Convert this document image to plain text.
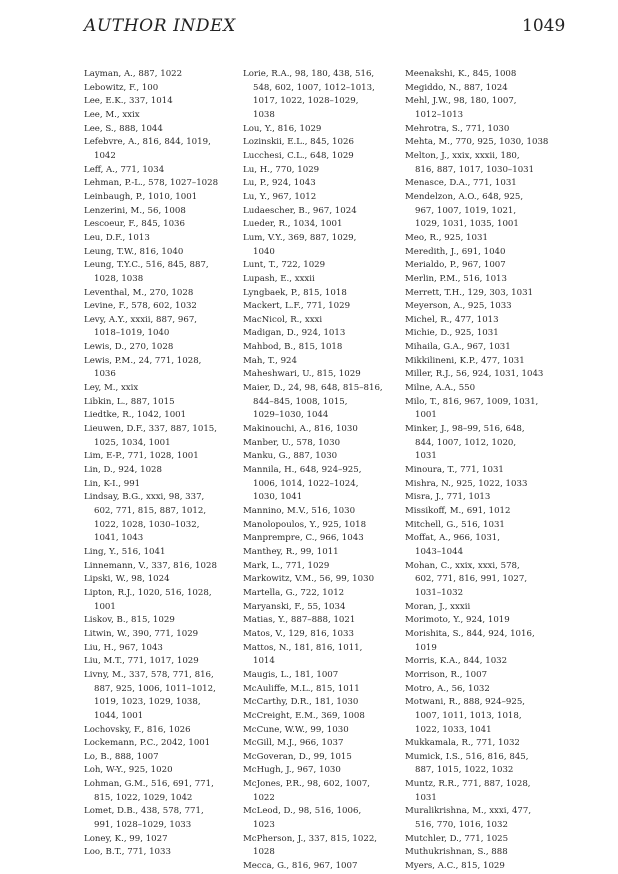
AUTHOR INDEX	1049
Layman, A., 887, 1022
Lebowitz, F., 100
Lee, E.K., 337, 1014
Lee, M., xxix
Lee, S., 888, 1044
Lefebvre, A., 816, 844, 1019,
1042
Leff, A., 771, 1034
Lehman, P.-L., 578, 1027–1028
Leinbaugh, P., 1010, 1001
Lenzerini, M., 56, 1008
Lescoeur, F., 845, 1036
Leu, D.F., 1013
Leung, T.W., 816, 1040
Leung, T.Y.C., 516, 845, 887,
1028, 1038
Leventhal, M., 270, 1028
Levine, F., 578, 602, 1032
Levy, A.Y., xxxii, 887, 967,
1018–1019, 1040
Lewis, D., 270, 1028
Lewis, P.M., 24, 771, 1028,
1036
Ley, M., xxix
Libkin, L., 887, 1015
Liedtke, R., 1042, 1001
Lieuwen, D.F., 337, 887, 1015,
1025, 1034, 1001
Lim, E-P., 771, 1028, 1001
Lin, D., 924, 1028
Lin, K-I., 991
Lindsay, B.G., xxxi, 98, 337,
602, 771, 815, 887, 1012,
1022, 1028, 1030–1032,
1041, 1043
Ling, Y., 516, 1041
Linnemann, V., 337, 816, 1028
Lipski, W., 98, 1024
Lipton, R.J., 1020, 516, 1028,
1001
Liskov, B., 815, 1029
Litwin, W., 390, 771, 1029
Liu, H., 967, 1043
Liu, M.T., 771, 1017, 1029
Livny, M., 337, 578, 771, 816,
887, 925, 1006, 1011–1012,
1019, 1023, 1029, 1038,
1044, 1001
Lochovsky, F., 816, 1026
Lockemann, P.C., 2042, 1001
Lo, B., 888, 1007
Loh, W-Y., 925, 1020
Lohman, G.M., 516, 691, 771,
815, 1022, 1029, 1042
Lomet, D.B., 438, 578, 771,
991, 1028–1029, 1033
Loney, K., 99, 1027
Loo, B.T., 771, 1033
Lorie, R.A., 98, 180, 438, 516,
548, 602, 1007, 1012–1013,
1017, 1022, 1028–1029,
1038
Lou, Y., 816, 1029
Lozinskii, E.L., 845, 1026
Lucchesi, C.L., 648, 1029
Lu, H., 770, 1029
Lu, P., 924, 1043
Lu, Y., 967, 1012
Ludaescher, B., 967, 1024
Lueder, R., 1034, 1001
Lum, V.Y., 369, 887, 1029,
1040
Lunt, T., 722, 1029
Lupash, E., xxxii
Lyngbaek, P., 815, 1018
Mackert, L.F., 771, 1029
MacNicol, R., xxxi
Madigan, D., 924, 1013
Mahbod, B., 815, 1018
Mah, T., 924
Maheshwari, U., 815, 1029
Maier, D., 24, 98, 648, 815–816,
844–845, 1008, 1015,
1029–1030, 1044
Makinouchi, A., 816, 1030
Manber, U., 578, 1030
Manku, G., 887, 1030
Mannila, H., 648, 924–925,
1006, 1014, 1022–1024,
1030, 1041
Mannino, M.V., 516, 1030
Manolopoulos, Y., 925, 1018
Manprempre, C., 966, 1043
Manthey, R., 99, 1011
Mark, L., 771, 1029
Markowitz, V.M., 56, 99, 1030
Martella, G., 722, 1012
Maryanski, F., 55, 1034
Matias, Y., 887–888, 1021
Matos, V., 129, 816, 1033
Mattos, N., 181, 816, 1011,
1014
Maugis, L., 181, 1007
McAuliffe, M.L., 815, 1011
McCarthy, D.R., 181, 1030
McCreight, E.M., 369, 1008
McCune, W.W., 99, 1030
McGill, M.J., 966, 1037
McGoveran, D., 99, 1015
McHugh, J., 967, 1030
McJones, P.R., 98, 602, 1007,
1022
McLeod, D., 98, 516, 1006,
1023
McPherson, J., 337, 815, 1022,
1028
Mecca, G., 816, 967, 1007
Meenakshi, K., 845, 1008
Megiddo, N., 887, 1024
Mehl, J.W., 98, 180, 1007,
1012–1013
Mehrotra, S., 771, 1030
Mehta, M., 770, 925, 1030, 1038
Melton, J., xxix, xxxii, 180,
816, 887, 1017, 1030–1031
Menasce, D.A., 771, 1031
Mendelzon, A.O., 648, 925,
967, 1007, 1019, 1021,
1029, 1031, 1035, 1001
Meo, R., 925, 1031
Meredith, J., 691, 1040
Merialdo, P., 967, 1007
Merlin, P.M., 516, 1013
Merrett, T.H., 129, 303, 1031
Meyerson, A., 925, 1033
Michel, R., 477, 1013
Michie, D., 925, 1031
Mihaila, G.A., 967, 1031
Mikkilineni, K.P., 477, 1031
Miller, R.J., 56, 924, 1031, 1043
Milne, A.A., 550
Milo, T., 816, 967, 1009, 1031,
1001
Minker, J., 98–99, 516, 648,
844, 1007, 1012, 1020,
1031
Minoura, T., 771, 1031
Mishra, N., 925, 1022, 1033
Misra, J., 771, 1013
Missikoff, M., 691, 1012
Mitchell, G., 516, 1031
Moffat, A., 966, 1031,
1043–1044
Mohan, C., xxix, xxxi, 578,
602, 771, 816, 991, 1027,
1031–1032
Moran, J., xxxii
Morimoto, Y., 924, 1019
Morishita, S., 844, 924, 1016,
1019
Morris, K.A., 844, 1032
Morrison, R., 1007
Motro, A., 56, 1032
Motwani, R., 888, 924–925,
1007, 1011, 1013, 1018,
1022, 1033, 1041
Mukkamala, R., 771, 1032
Mumick, I.S., 516, 816, 845,
887, 1015, 1022, 1032
Muntz, R.R., 771, 887, 1028,
1031
Muralikrishna, M., xxxi, 477,
516, 770, 1016, 1032
Mutchler, D., 771, 1025
Muthukrishnan, S., 888
Myers, A.C., 815, 1029
